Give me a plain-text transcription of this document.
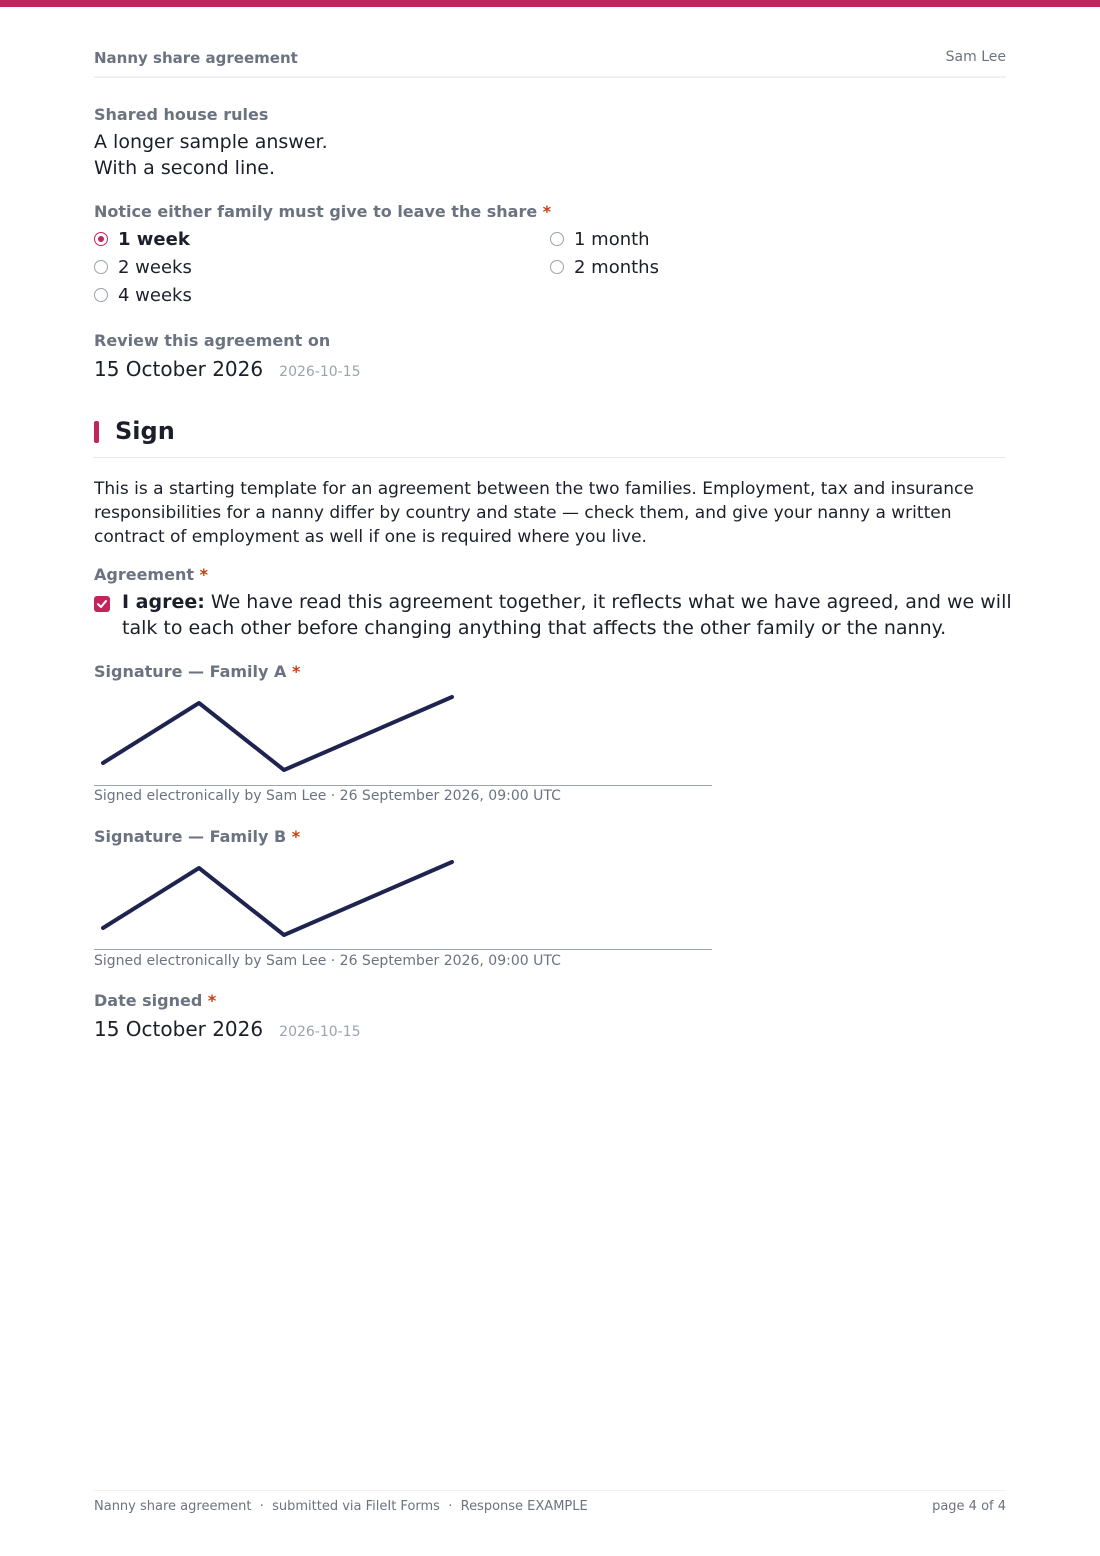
Nanny share agreement	Sam Lee
Shared house rules
A longer sample answer.
With a second line.
Notice either family must give to leave the share *
1 week
2 weeks
4 weeks
1 month
2 months
Review this agreement on
15 October 2026 2026-10-15
Sign
This is a starting template for an agreement between the two families. Employment, tax and insurance responsibilities for a nanny differ by country and state — check them, and give your nanny a written contract of employment as well if one is required where you live.
Agreement *
I agree: We have read this agreement together, it reflects what we have agreed, and we will talk to each other before changing anything that affects the other family or the nanny.
Signature — Family A *
Signed electronically by Sam Lee · 26 September 2026, 09:00 UTC
Signature — Family B *
Signed electronically by Sam Lee · 26 September 2026, 09:00 UTC
Date signed *
15 October 2026 2026-10-15
Nanny share agreement  ·  submitted via FileIt Forms  ·  Response EXAMPLE	page 4 of 4
